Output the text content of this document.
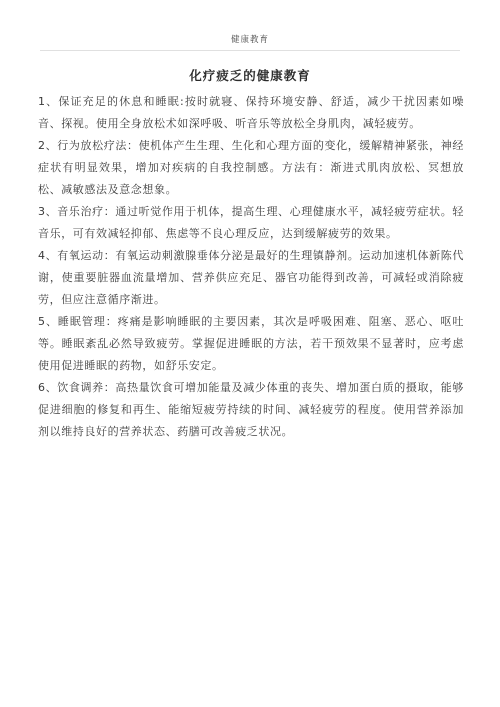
健康教育
化疗疲乏的健康教育

1、保证充足的休息和睡眠:按时就寝、保持环境安静、舒适，减少干扰因素如噪音、探视。使用全身放松术如深呼吸、听音乐等放松全身肌肉，减轻疲劳。

2、行为放松疗法：使机体产生生理、生化和心理方面的变化，缓解精神紧张，神经症状有明显效果，增加对疾病的自我控制感。方法有：渐进式肌肉放松、冥想放松、减敏感法及意念想象。

3、音乐治疗：通过听觉作用于机体，提高生理、心理健康水平，减轻疲劳症状。轻音乐，可有效减轻抑郁、焦虑等不良心理反应，达到缓解疲劳的效果。

4、有氧运动：有氧运动刺激腺垂体分泌是最好的生理镇静剂。运动加速机体新陈代谢，使重要脏器血流量增加、营养供应充足、器官功能得到改善，可减轻或消除疲劳，但应注意循序渐进。

5、睡眠管理：疼痛是影响睡眠的主要因素，其次是呼吸困难、阻塞、恶心、呕吐等。睡眠紊乱必然导致疲劳。掌握促进睡眠的方法，若干预效果不显著时，应考虑使用促进睡眠的药物，如舒乐安定。

6、饮食调养：高热量饮食可增加能量及减少体重的丧失、增加蛋白质的摄取，能够促进细胞的修复和再生、能缩短疲劳持续的时间、减轻疲劳的程度。使用营养添加剂以维持良好的营养状态、药膳可改善疲乏状况。
